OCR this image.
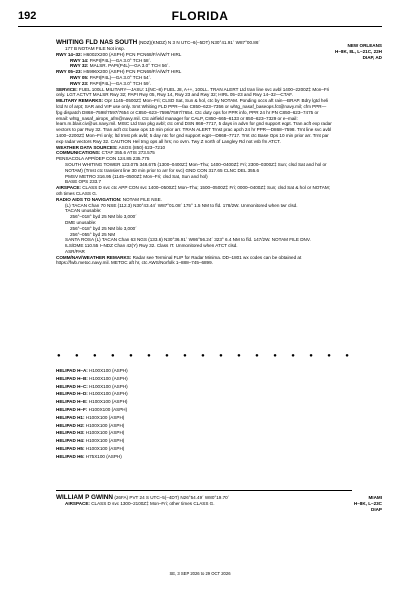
192	FLORIDA
NEW ORLEANS
H–8K, 8L, L–21C, 22H
DIAP, AD
WHITING FLD NAS SOUTH (NDZ)(KNDZ) N 3 N UTC–6(–5DT) N30°41.91´ W87°00.86´
177 B NOTAM FILE Not insp.
RWY 14–32: H6002X200 (ASPH) PCN PCN68/F/A/W/T HIRL
RWY 14: PAPI(P4L)—GA 3.0° TCH 58´.
RWY 32: MALSR. PAPI(P4L)—GA 3.0° TCH 56´.
RWY 05–23: H5996X200 (ASPH) PCN PCN69/F/A/W/T HIRL
RWY 05: PAPI(P4L)—GA 3.0° TCH 54´.
RWY 23: PAPI(P4L)—GA 3.0° TCH 59´.
SERVICE: FUEL 100LL MILITARY—JASU: 1(NC–8) FUEL J8, A++, 100LL. TRAN ALERT Ltd tran line svc avbl 1400–2200Z‡ Mon–Fri only. LGT ACTVT MALSR Rwy 32; PAPI Rwy 05, Rwy 14, Rwy 23 and Rwy 32; HIRL 05–23 and Rwy 14–32—CTAF.
MILITARY REMARKS: Opr 1145–0500Z‡ Mon–Fri; CLSD Sat, Sun & hol, ctc by NOTAM. Ponding occs aft rain—BRAP. Bdry lgtd heli lctd N of arpt; SAR and VIP use only. Smt Whiting FLD PPR—fax C850–623–7356 or whtg_nasaf_baseops.fct@navy.mil; cfm PPR—fpg dispatch D868–7598/7597/7654 or C850–623–7598/7597/7654. Ctc duty ops for PPR info, PPR 24 hr PN C850–623–7475 or email: whtg_nasaf_airops_afm@navy.mil. Ctc airfield manager for CALP, C850–665–6133 or 850–623–7329 or e–mail: learn.m.blair.civ@us.navy.mil. MISC Ltd tran pkg avbl; ctc ornd DSN 868–7717, 5 days in advn for gnd support eqpt. Tran acft exp radar vectors to par Rwy 32. Tran acft ctc base ops 10 min prior arr. TRAN ALERT Trnst prac apch 24 hr PPR—D868–7598. Trnt line svc avbl 1400–2200Z‡ Mon–Fri only; ltd trnst prk avbl; 5 day ntc for gnd support eqpt—D868–7717. Trnt ctc Base Ops 10 min prior arr. Trnt par exp radar vectors Rwy 32. CAUTION Hel trng ops all hrs; no ovrn. Twy Z north of Langley Rd not vsb fm ATCT.
WEATHER DATA SOURCES: ASOS (850) 623–7210
COMMUNICATIONS: CTAF 355.6 ATIS 273.575
PENSACOLA APP/DEP CON 124.85 235.775
SOUTH WHITING TOWER 123.075 348.675 (1300–0400Z‡ Mon–Thu; 1400–0400Z‡ Fri; 2300–0300Z‡ Sun; clsd Sat and hol or NOTAM) (Trnst ctc transient line 30 min prior to arr for svc) GND CON 317.65 CLNC DEL 355.6
PMSV METRO 316.95 (1145–0500Z‡ Mon–Fri; clsd Sat, Sun and hol)
BASE OPS 233.7
AIRSPACE: CLASS D svc ctc APP CON svc 1400–0500Z‡ Mon–Thu; 1500–0500Z‡ Fri; 0000–0400Z‡ Sun; clsd Sat & hol or NOTAM; oth times CLASS G.
RADIO AIDS TO NAVIGATION: NOTAM FILE NSE.
(L) TACAN Chan 70 NSE (112.3) N30°43.44´ W87°01.08´ 175° 1.5 NM to fld. 178/2W. Unmonitored when twr clsd.
TACAN unusable:
256°–018° byd 25 NM blo 3,000´
DME unusable:
256°–018° byd 25 NM blo 3,000´
256°–055° byd 25 NM
SANTA ROSA (L) TACAN Chan 63 NGS (133.6) N30°36.91´ W86°56.24´ 323° 6.4 NM to fld. 147/2W. NOTAM FILE DNV.
ILS/DME 110.55 I–NDZ Chan 42(Y) Rwy 32. Class IT. Unmonitored when ATCT clsd.
ASR/PAR
COMM/NAV/WEATHER REMARKS: Radar see Terminal FLIP for Radar Minima. DD–1801 wx codes can be obtained at https://fwb.metoc.navy.mil. METOC aft hr, ctc AWS/Norfolk 1–888–745–6899.
● ● ● ● ● ● ● ● ● ● ● ● ● ● ● ● ●
HELIPAD H–A: H100X100 (ASPH)
HELIPAD H–B: H100X100 (ASPH)
HELIPAD H–C: H100X100 (ASPH)
HELIPAD H–D: H100X100 (ASPH)
HELIPAD H–E: H100X100 (ASPH)
HELIPAD H–F: H100X100 (ASPH)
HELIPAD H1: H100X100 (ASPH)
HELIPAD H2: H100X100 (ASPH)
HELIPAD H3: H100X100 (ASPH)
HELIPAD H4: H100X100 (ASPH)
HELIPAD H5: H100X100 (ASPH)
HELIPAD H6: H75X100 (ASPH)
MIAMI
H–8K, L–23C
DIAP
WILLIAM P GWINN (26FA) PVT 24 S UTC–5(–4DT) N26°54.49´ W80°19.70´
AIRSPACE: CLASS D svc 1300–2100Z‡ Mon–Fri; other times CLASS G.
SE, 3 SEP 2026 to 29 OCT 2026
